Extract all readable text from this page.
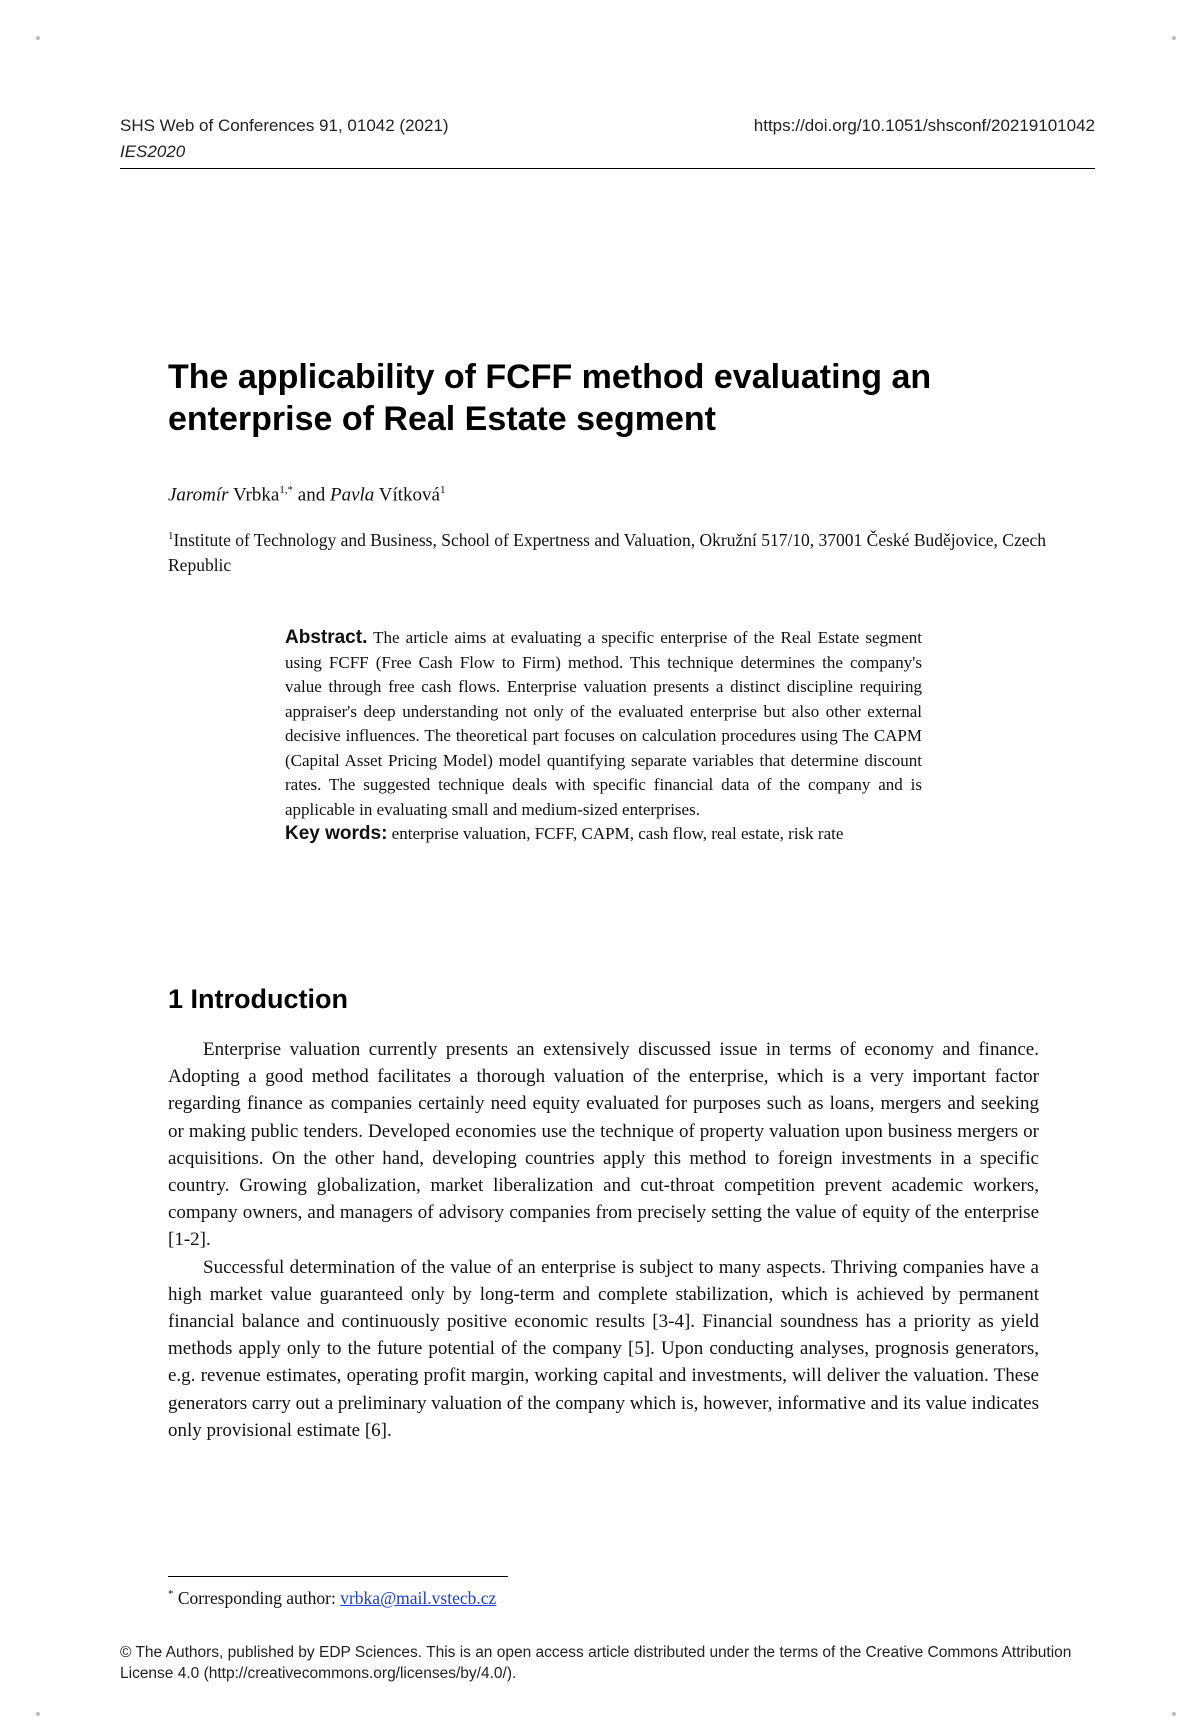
SHS Web of Conferences 91, 01042 (2021)	https://doi.org/10.1051/shsconf/20219101042
IES2020
The applicability of FCFF method evaluating an enterprise of Real Estate segment
Jaromír Vrbka$^{1,*}$ and Pavla Vítková$^1$
$^1$Institute of Technology and Business, School of Expertness and Valuation, Okružní 517/10, 37001 České Budějovice, Czech Republic
Abstract. The article aims at evaluating a specific enterprise of the Real Estate segment using FCFF (Free Cash Flow to Firm) method. This technique determines the company's value through free cash flows. Enterprise valuation presents a distinct discipline requiring appraiser's deep understanding not only of the evaluated enterprise but also other external decisive influences. The theoretical part focuses on calculation procedures using The CAPM (Capital Asset Pricing Model) model quantifying separate variables that determine discount rates. The suggested technique deals with specific financial data of the company and is applicable in evaluating small and medium-sized enterprises.
Key words: enterprise valuation, FCFF, CAPM, cash flow, real estate, risk rate
1 Introduction

Enterprise valuation currently presents an extensively discussed issue in terms of economy and finance. Adopting a good method facilitates a thorough valuation of the enterprise, which is a very important factor regarding finance as companies certainly need equity evaluated for purposes such as loans, mergers and seeking or making public tenders. Developed economies use the technique of property valuation upon business mergers or acquisitions. On the other hand, developing countries apply this method to foreign investments in a specific country. Growing globalization, market liberalization and cut-throat competition prevent academic workers, company owners, and managers of advisory companies from precisely setting the value of equity of the enterprise [1-2].

Successful determination of the value of an enterprise is subject to many aspects. Thriving companies have a high market value guaranteed only by long-term and complete stabilization, which is achieved by permanent financial balance and continuously positive economic results [3-4]. Financial soundness has a priority as yield methods apply only to the future potential of the company [5]. Upon conducting analyses, prognosis generators, e.g. revenue estimates, operating profit margin, working capital and investments, will deliver the valuation. These generators carry out a preliminary valuation of the company which is, however, informative and its value indicates only provisional estimate [6].

* Corresponding author: vrbka@mail.vstecb.cz
© The Authors, published by EDP Sciences. This is an open access article distributed under the terms of the Creative Commons Attribution License 4.0 (http://creativecommons.org/licenses/by/4.0/).
